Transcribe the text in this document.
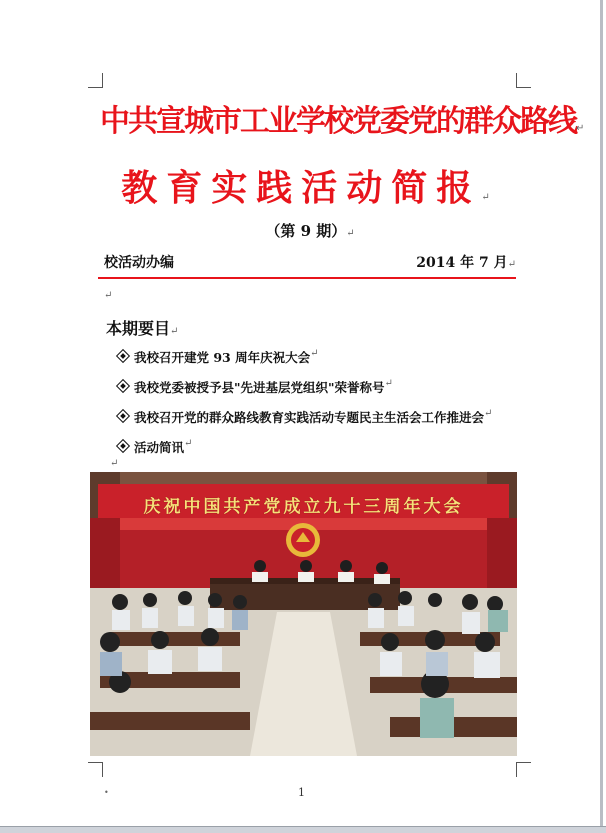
中共宣城市工业学校党委党的群众路线↵
教育实践活动简报↵
（第 9 期）↵
校活动办编	2014 年 7 月↵
↵
本期要目↵
我校召开建党 93 周年庆祝大会 ↵
我校党委被授予县"先进基层党组织"荣誉称号 ↵
我校召开党的群众路线教育实践活动专题民主生活会工作推进会 ↵
活动简讯 ↵
↵
庆祝中国共产党成立九十三周年大会
•	1
